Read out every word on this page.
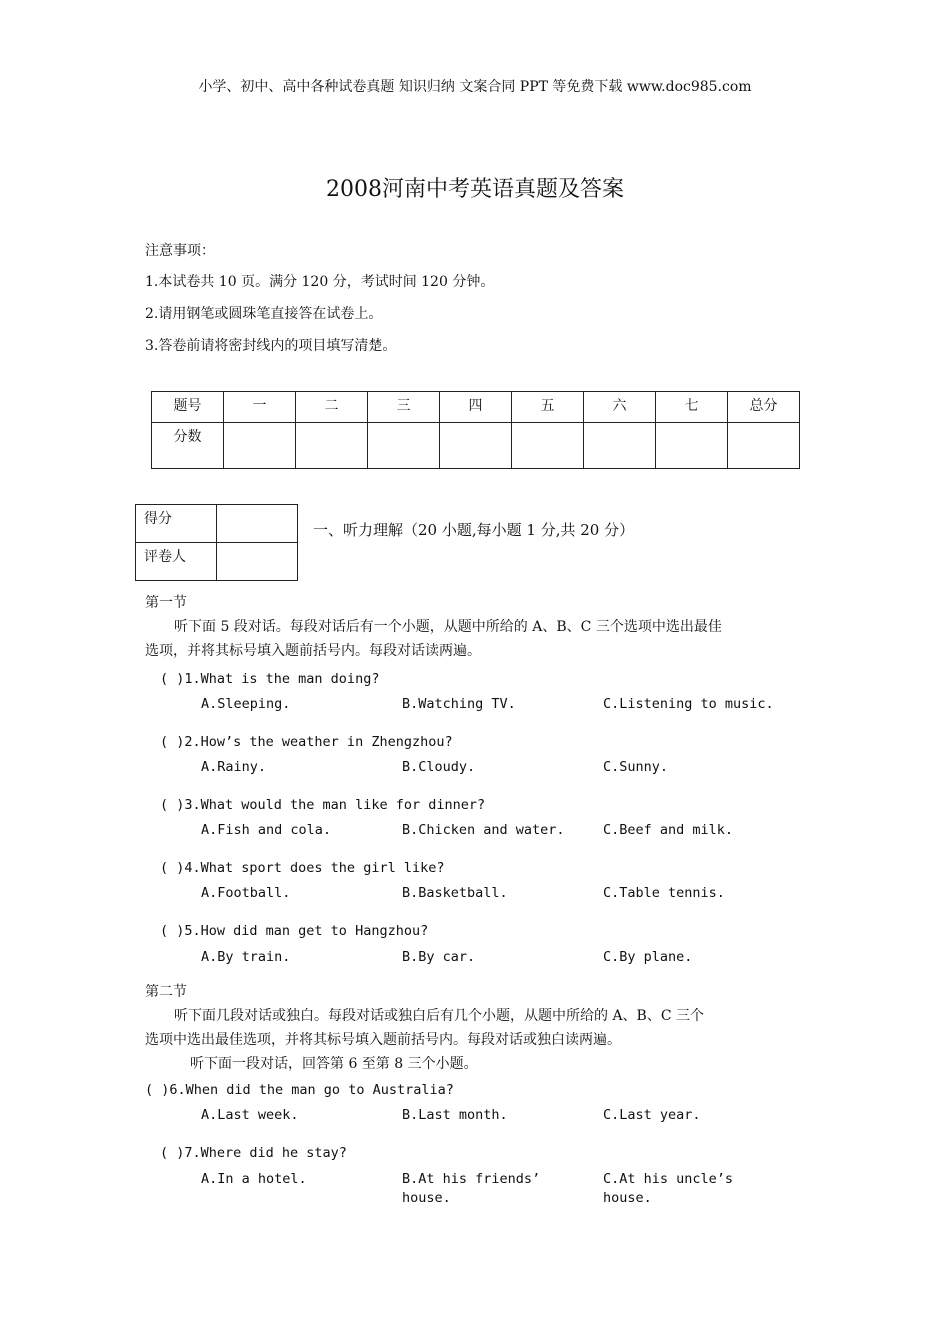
小学、初中、高中各种试卷真题 知识归纳 文案合同 PPT 等免费下载 www.doc985.com
2008河南中考英语真题及答案
注意事项：
1.本试卷共 10 页。满分 120 分，考试时间 120 分钟。
2.请用钢笔或圆珠笔直接答在试卷上。
3.答卷前请将密封线内的项目填写清楚。
题号	一	二	三	四	五	六	七	总分
分数								
得分	
评卷人	
一、听力理解（20 小题,每小题 1 分,共 20 分）
第一节
听下面 5 段对话。每段对话后有一个小题，从题中所给的 A、B、C 三个选项中选出最佳
选项，并将其标号填入题前括号内。每段对话读两遍。
( )1.What is the man doing?
A.Sleeping.	B.Watching TV.	C.Listening to music.
( )2.How’s the weather in Zhengzhou?
A.Rainy.	B.Cloudy.	C.Sunny.
( )3.What would the man like for dinner?
A.Fish and cola.	B.Chicken and water.	C.Beef and milk.
( )4.What sport does the girl like?
A.Football.	B.Basketball.	C.Table tennis.
( )5.How did man get to Hangzhou?
A.By train.	B.By car.	C.By plane.
第二节
听下面几段对话或独白。每段对话或独白后有几个小题，从题中所给的 A、B、C 三个
选项中选出最佳选项，并将其标号填入题前括号内。每段对话或独白读两遍。
听下面一段对话，回答第 6 至第 8 三个小题。
( )6.When did the man go to Australia?
A.Last week.	B.Last month.	C.Last year.
( )7.Where did he stay?
A.In a hotel.	B.At his friends’
house.
C.At his uncle’s
house.
